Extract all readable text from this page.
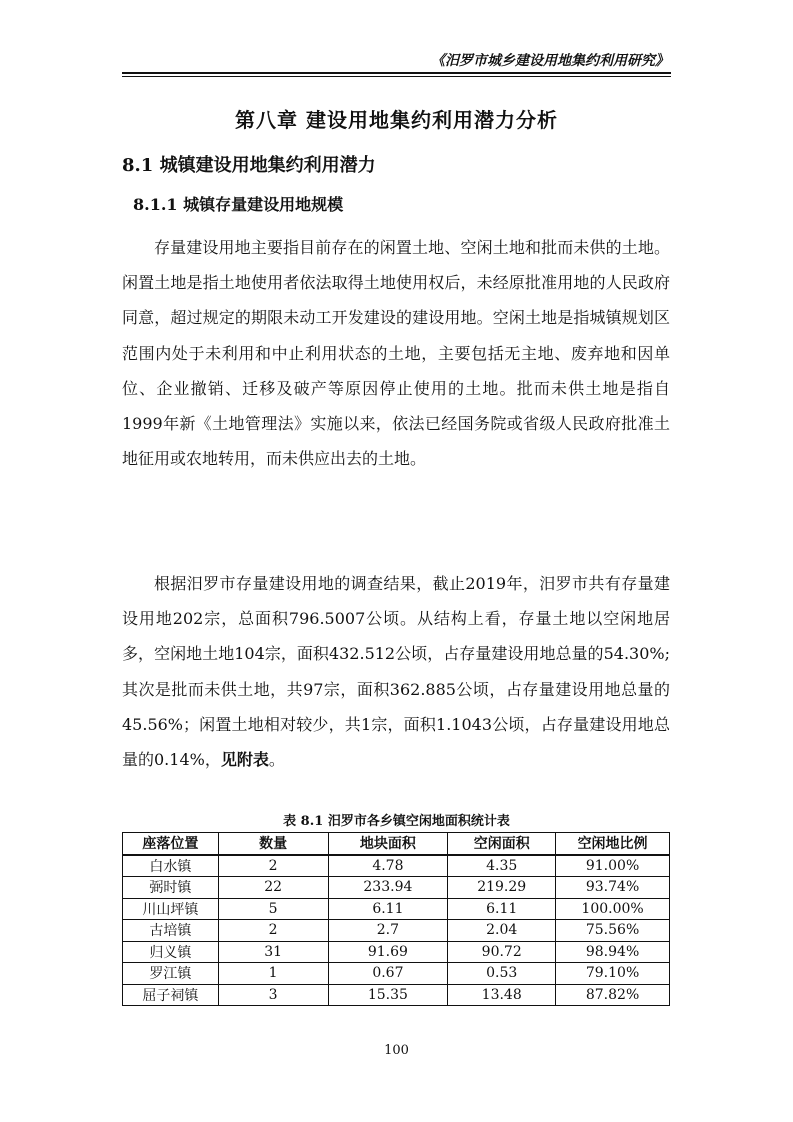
《汨罗市城乡建设用地集约利用研究》
第八章 建设用地集约利用潜力分析
8.1 城镇建设用地集约利用潜力
8.1.1 城镇存量建设用地规模

存量建设用地主要指目前存在的闲置土地、空闲土地和批而未供的土地。闲置土地是指土地使用者依法取得土地使用权后，未经原批准用地的人民政府同意，超过规定的期限未动工开发建设的建设用地。空闲土地是指城镇规划区范围内处于未利用和中止利用状态的土地，主要包括无主地、废弃地和因单位、企业撤销、迁移及破产等原因停止使用的土地。批而未供土地是指自1999年新《土地管理法》实施以来，依法已经国务院或省级人民政府批准土地征用或农地转用，而未供应出去的土地。

根据汨罗市存量建设用地的调查结果，截止2019年，汨罗市共有存量建设用地202宗，总面积796.5007公顷。从结构上看，存量土地以空闲地居多，空闲地土地104宗，面积432.512公顷，占存量建设用地总量的54.30%;其次是批而未供土地，共97宗，面积362.885公顷，占存量建设用地总量的45.56%；闲置土地相对较少，共1宗，面积1.1043公顷，占存量建设用地总量的0.14%，见附表。

表 8.1 汨罗市各乡镇空闲地面积统计表
座落位置	数量	地块面积	空闲面积	空闲地比例
白水镇	2	4.78	4.35	91.00%
弼时镇	22	233.94	219.29	93.74%
川山坪镇	5	6.11	6.11	100.00%
古培镇	2	2.7	2.04	75.56%
归义镇	31	91.69	90.72	98.94%
罗江镇	1	0.67	0.53	79.10%
屈子祠镇	3	15.35	13.48	87.82%
100
